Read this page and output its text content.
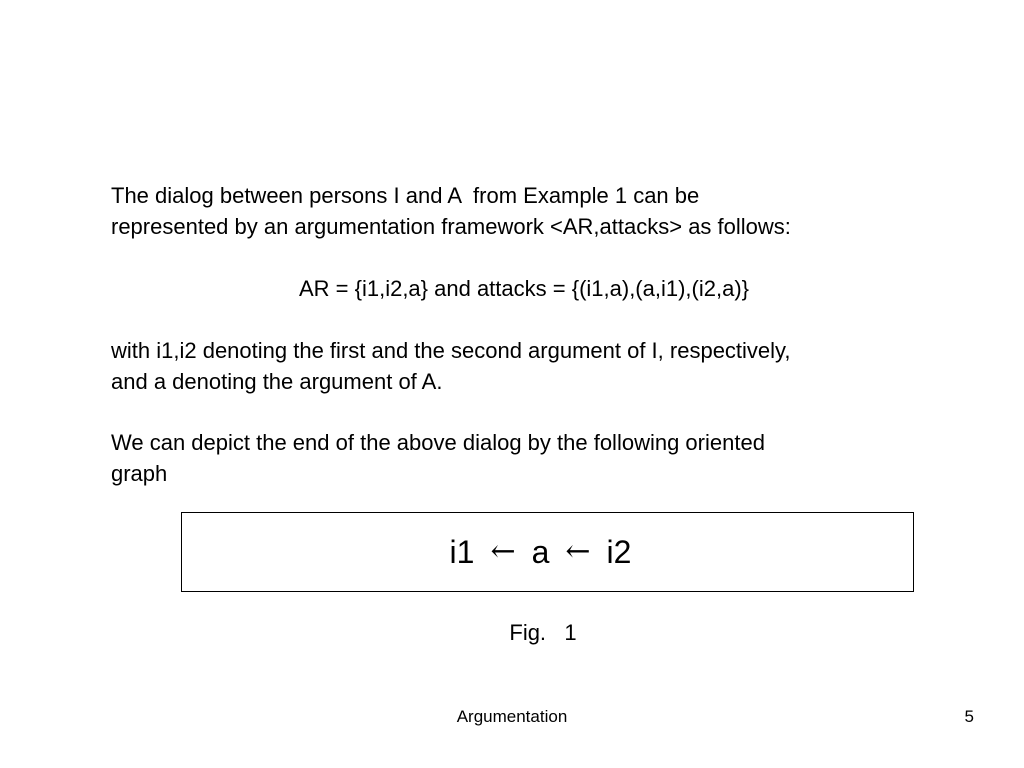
The dialog between persons I and A  from Example 1 can be
represented by an argumentation framework <AR,attacks> as follows:
AR = {i1,i2,a} and attacks = {(i1,a),(a,i1),(i2,a)}
with i1,i2 denoting the first and the second argument of I, respectively,
and a denoting the argument of A.
We can depict the end of the above dialog by the following oriented
graph
i1 ← a ← i2
Fig.   1
Argumentation	5
